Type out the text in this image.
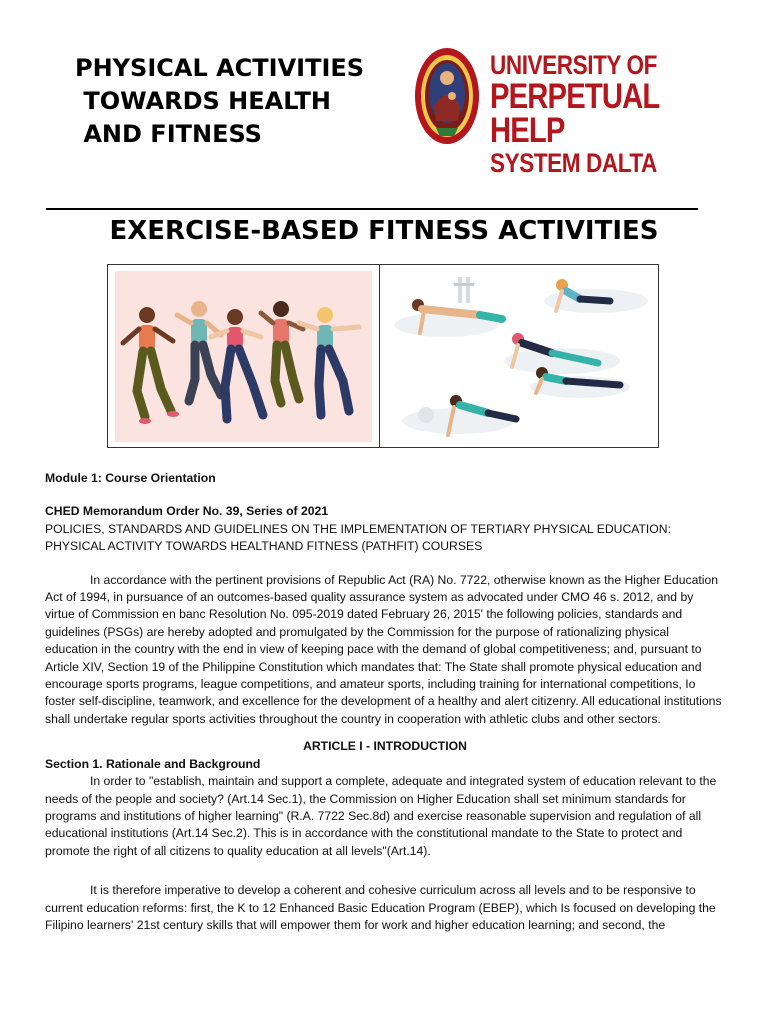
PHYSICAL ACTIVITIES
TOWARDS HEALTH
AND FITNESS
UNIVERSITY OF
PERPETUAL HELP
SYSTEM DALTA
EXERCISE-BASED FITNESS ACTIVITIES

Module 1: Course Orientation

CHED Memorandum Order No. 39, Series of 2021

POLICIES, STANDARDS AND GUIDELINES ON THE IMPLEMENTATION OF TERTIARY PHYSICAL EDUCATION: PHYSICAL ACTIVITY TOWARDS HEALTHAND FITNESS (PATHFIT) COURSES

In accordance with the pertinent provisions of Republic Act (RA) No. 7722, otherwise known as the Higher Education Act of 1994, in pursuance of an outcomes-based quality assurance system as advocated under CMO 46 s. 2012, and by virtue of Commission en banc Resolution No. 095-2019 dated February 26, 2015' the following policies, standards and guidelines (PSGs) are hereby adopted and promulgated by the Commission for the purpose of rationalizing physical education in the country with the end in view of keeping pace with the demand of global competitiveness; and, pursuant to Article XIV, Section 19 of the Philippine Constitution which mandates that: The State shall promote physical education and encourage sports programs, league competitions, and amateur sports, including training for international competitions, Io foster self-discipline, teamwork, and excellence for the development of a healthy and alert citizenry. All educational institutions shall undertake regular sports activities throughout the country in cooperation with athletic clubs and other sectors.

ARTICLE I - INTRODUCTION

Section 1. Rationale and Background

In order to "establish, maintain and support a complete, adequate and integrated system of education relevant to the needs of the people and society? (Art.14 Sec.1), the Commission on Higher Education shall set minimum standards for programs and institutions of higher learning" (R.A. 7722 Sec.8d) and exercise reasonable supervision and regulation of all educational institutions (Art.14 Sec.2). This is in accordance with the constitutional mandate to the State to protect and promote the right of all citizens to quality education at all levels"(Art.14).

It is therefore imperative to develop a coherent and cohesive curriculum across all levels and to be responsive to current education reforms: first, the K to 12 Enhanced Basic Education Program (EBEP), which Is focused on developing the Filipino learners' 21st century skills that will empower them for work and higher education learning; and second, the
